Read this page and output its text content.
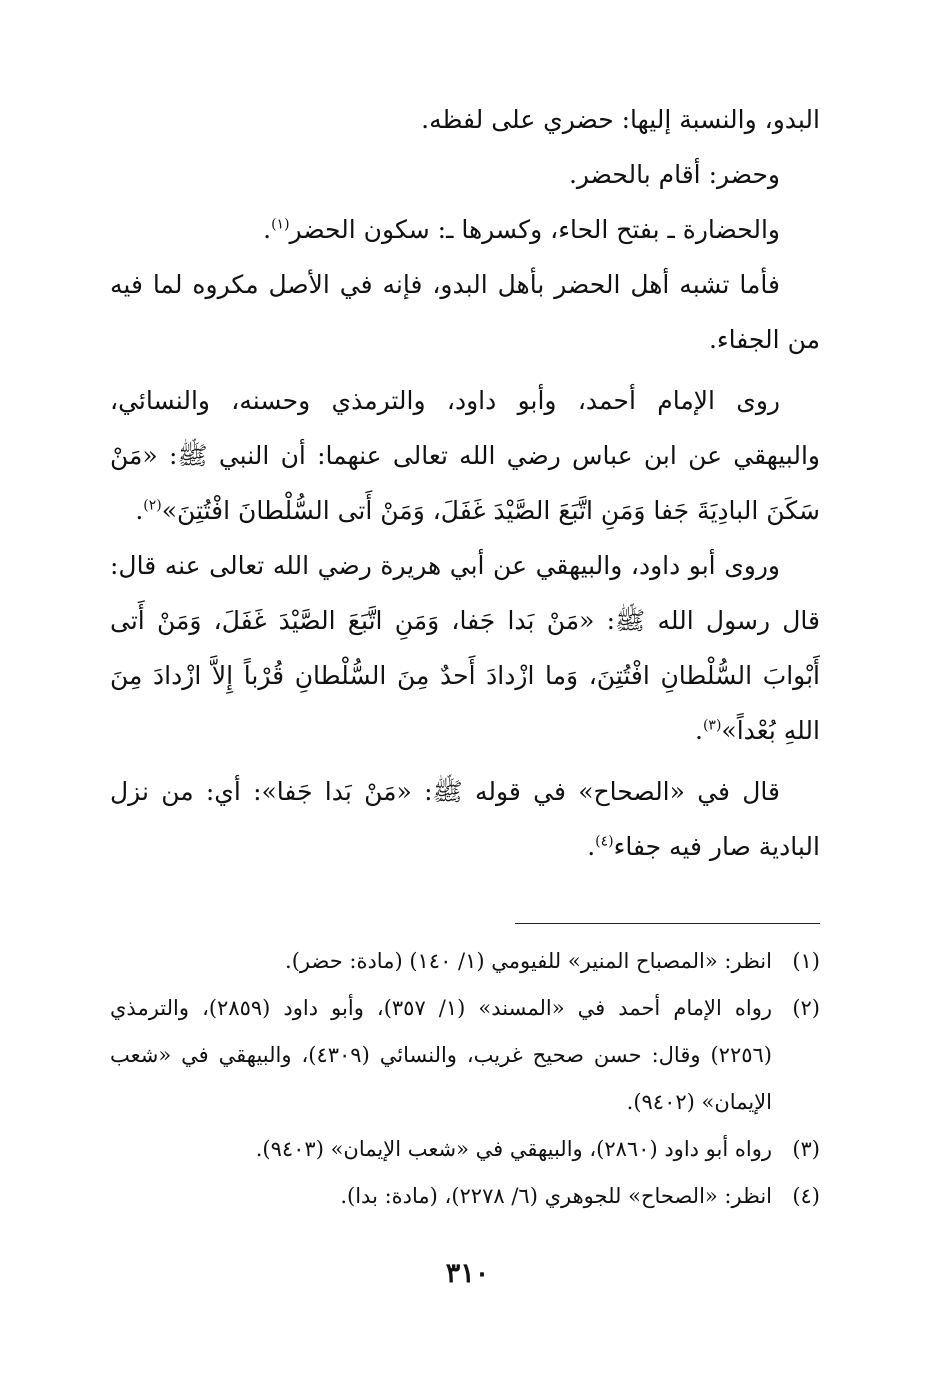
البدو، والنسبة إليها: حضري على لفظه.

وحضر: أقام بالحضر.

والحضارة ـ بفتح الحاء، وكسرها ـ: سكون الحضر$^{(١)}$.

فأما تشبه أهل الحضر بأهل البدو، فإنه في الأصل مكروه لما فيه من الجفاء.

روى الإمام أحمد، وأبو داود، والترمذي وحسنه، والنسائي، والبيهقي عن ابن عباس رضي الله تعالى عنهما: أن النبي ﷺ: «مَنْ سَكَنَ البادِيَةَ جَفا وَمَنِ اتَّبَعَ الصَّيْدَ غَفَلَ، وَمَنْ أَتى السُّلْطانَ افْتُتِنَ»$^{(٢)}$.

وروى أبو داود، والبيهقي عن أبي هريرة رضي الله تعالى عنه قال: قال رسول الله ﷺ: «مَنْ بَدا جَفا، وَمَنِ اتَّبَعَ الصَّيْدَ غَفَلَ، وَمَنْ أَتى أَبْوابَ السُّلْطانِ افْتُتِنَ، وَما ازْدادَ أَحدٌ مِنَ السُّلْطانِ قُرْباً إِلاَّ ازْدادَ مِنَ اللهِ بُعْداً»$^{(٣)}$.

قال في «الصحاح» في قوله ﷺ: «مَنْ بَدا جَفا»: أي: من نزل البادية صار فيه جفاء$^{(٤)}$.

(١)
انظر: «المصباح المنير» للفيومي (١/ ١٤٠) (مادة: حضر).
(٢)
رواه الإمام أحمد في «المسند» (١/ ٣٥٧)، وأبو داود (٢٨٥٩)، والترمذي (٢٢٥٦) وقال: حسن صحيح غريب، والنسائي (٤٣٠٩)، والبيهقي في «شعب الإيمان» (٩٤٠٢).
(٣)
رواه أبو داود (٢٨٦٠)، والبيهقي في «شعب الإيمان» (٩٤٠٣).
(٤)
انظر: «الصحاح» للجوهري (٦/ ٢٢٧٨)، (مادة: بدا).
٣١٠
